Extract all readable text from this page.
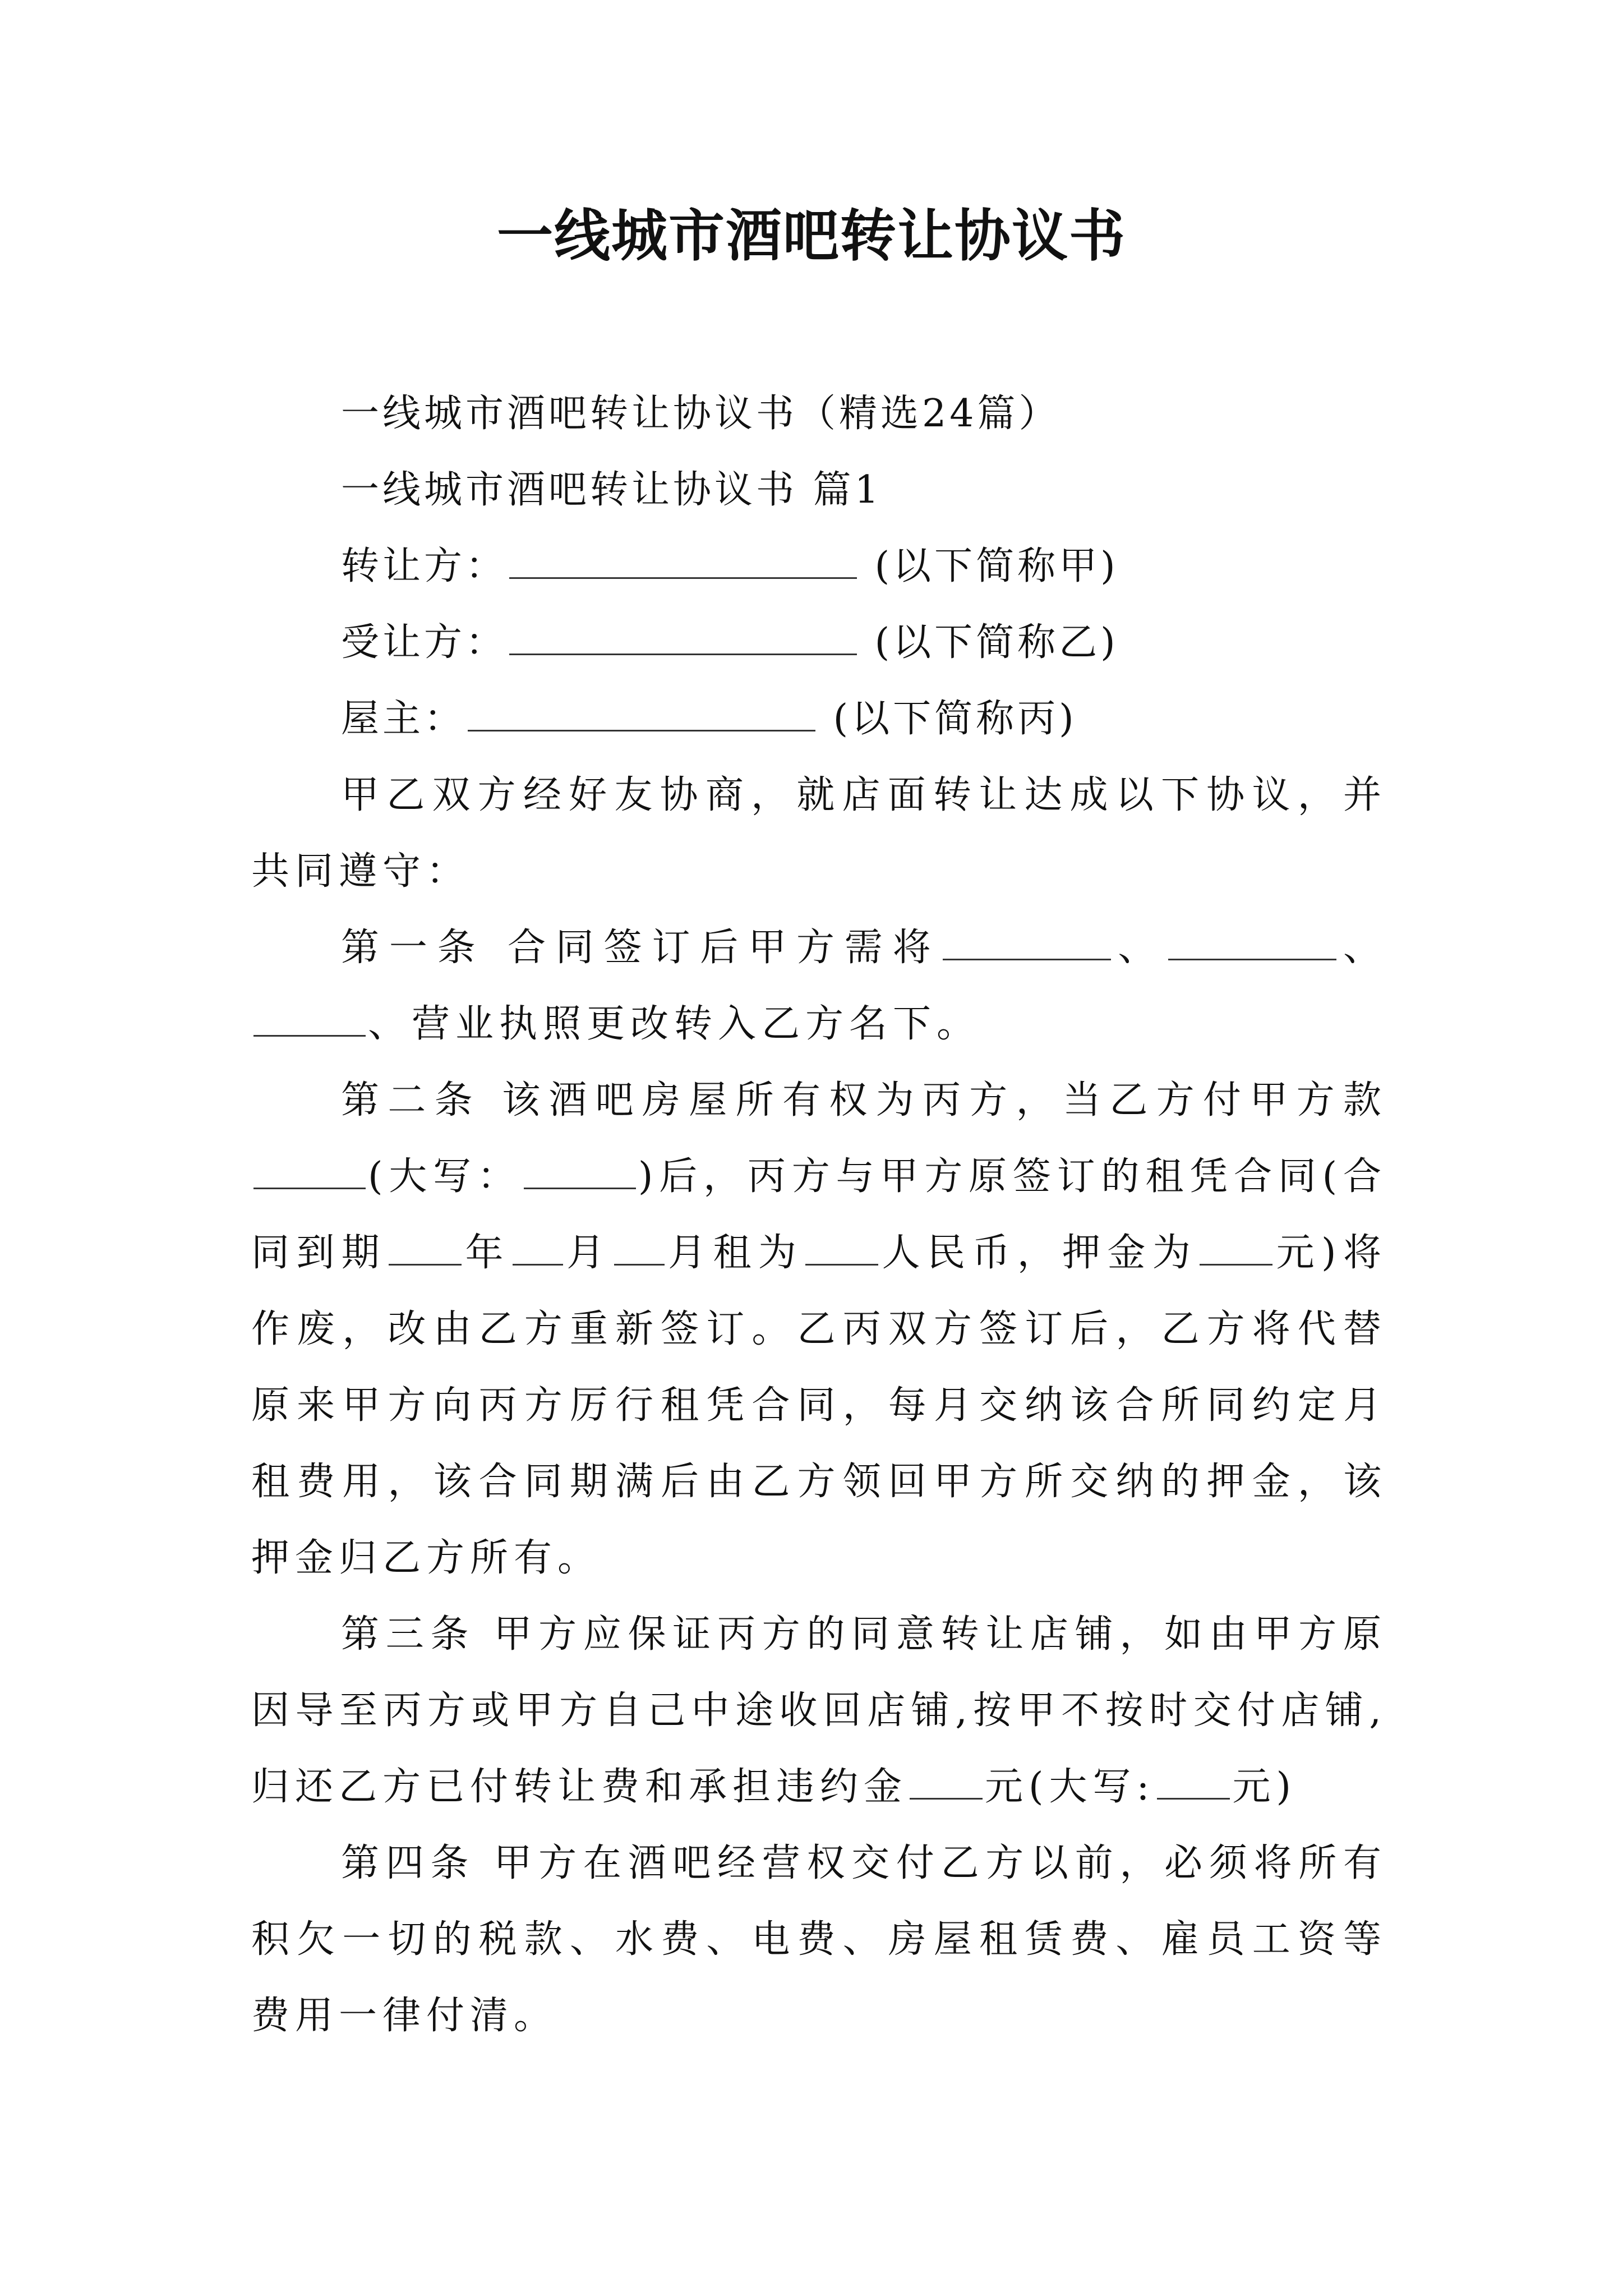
一线城市酒吧转让协议书

一线城市酒吧转让协议书（精选24篇）

一线城市酒吧转让协议书 篇1

转让方：	(以下简称甲)

受让方：	(以下简称乙)

屋主：	(以下简称丙)

甲乙双方经好友协商，就店面转让达成以下协议，并共同遵守：

第一条 合同签订后甲方需将	、	、、营业执照更改转入乙方名下。

第二条 该酒吧房屋所有权为丙方，当乙方付甲方款(大写：	)后，丙方与甲方原签订的租凭合同(合同到期 年 月 月租为 人民币，押金为 元)将作废，改由乙方重新签订。乙丙双方签订后，乙方将代替原来甲方向丙方厉行租凭合同，每月交纳该合所同约定月租费用，该合同期满后由乙方领回甲方所交纳的押金，该押金归乙方所有。

第三条 甲方应保证丙方的同意转让店铺，如由甲方原因导至丙方或甲方自己中途收回店铺,按甲不按时交付店铺,归还乙方已付转让费和承担违约金 元(大写: 元)

第四条 甲方在酒吧经营权交付乙方以前，必须将所有积欠一切的税款、水费、电费、房屋租赁费、雇员工资等费用一律付清。
